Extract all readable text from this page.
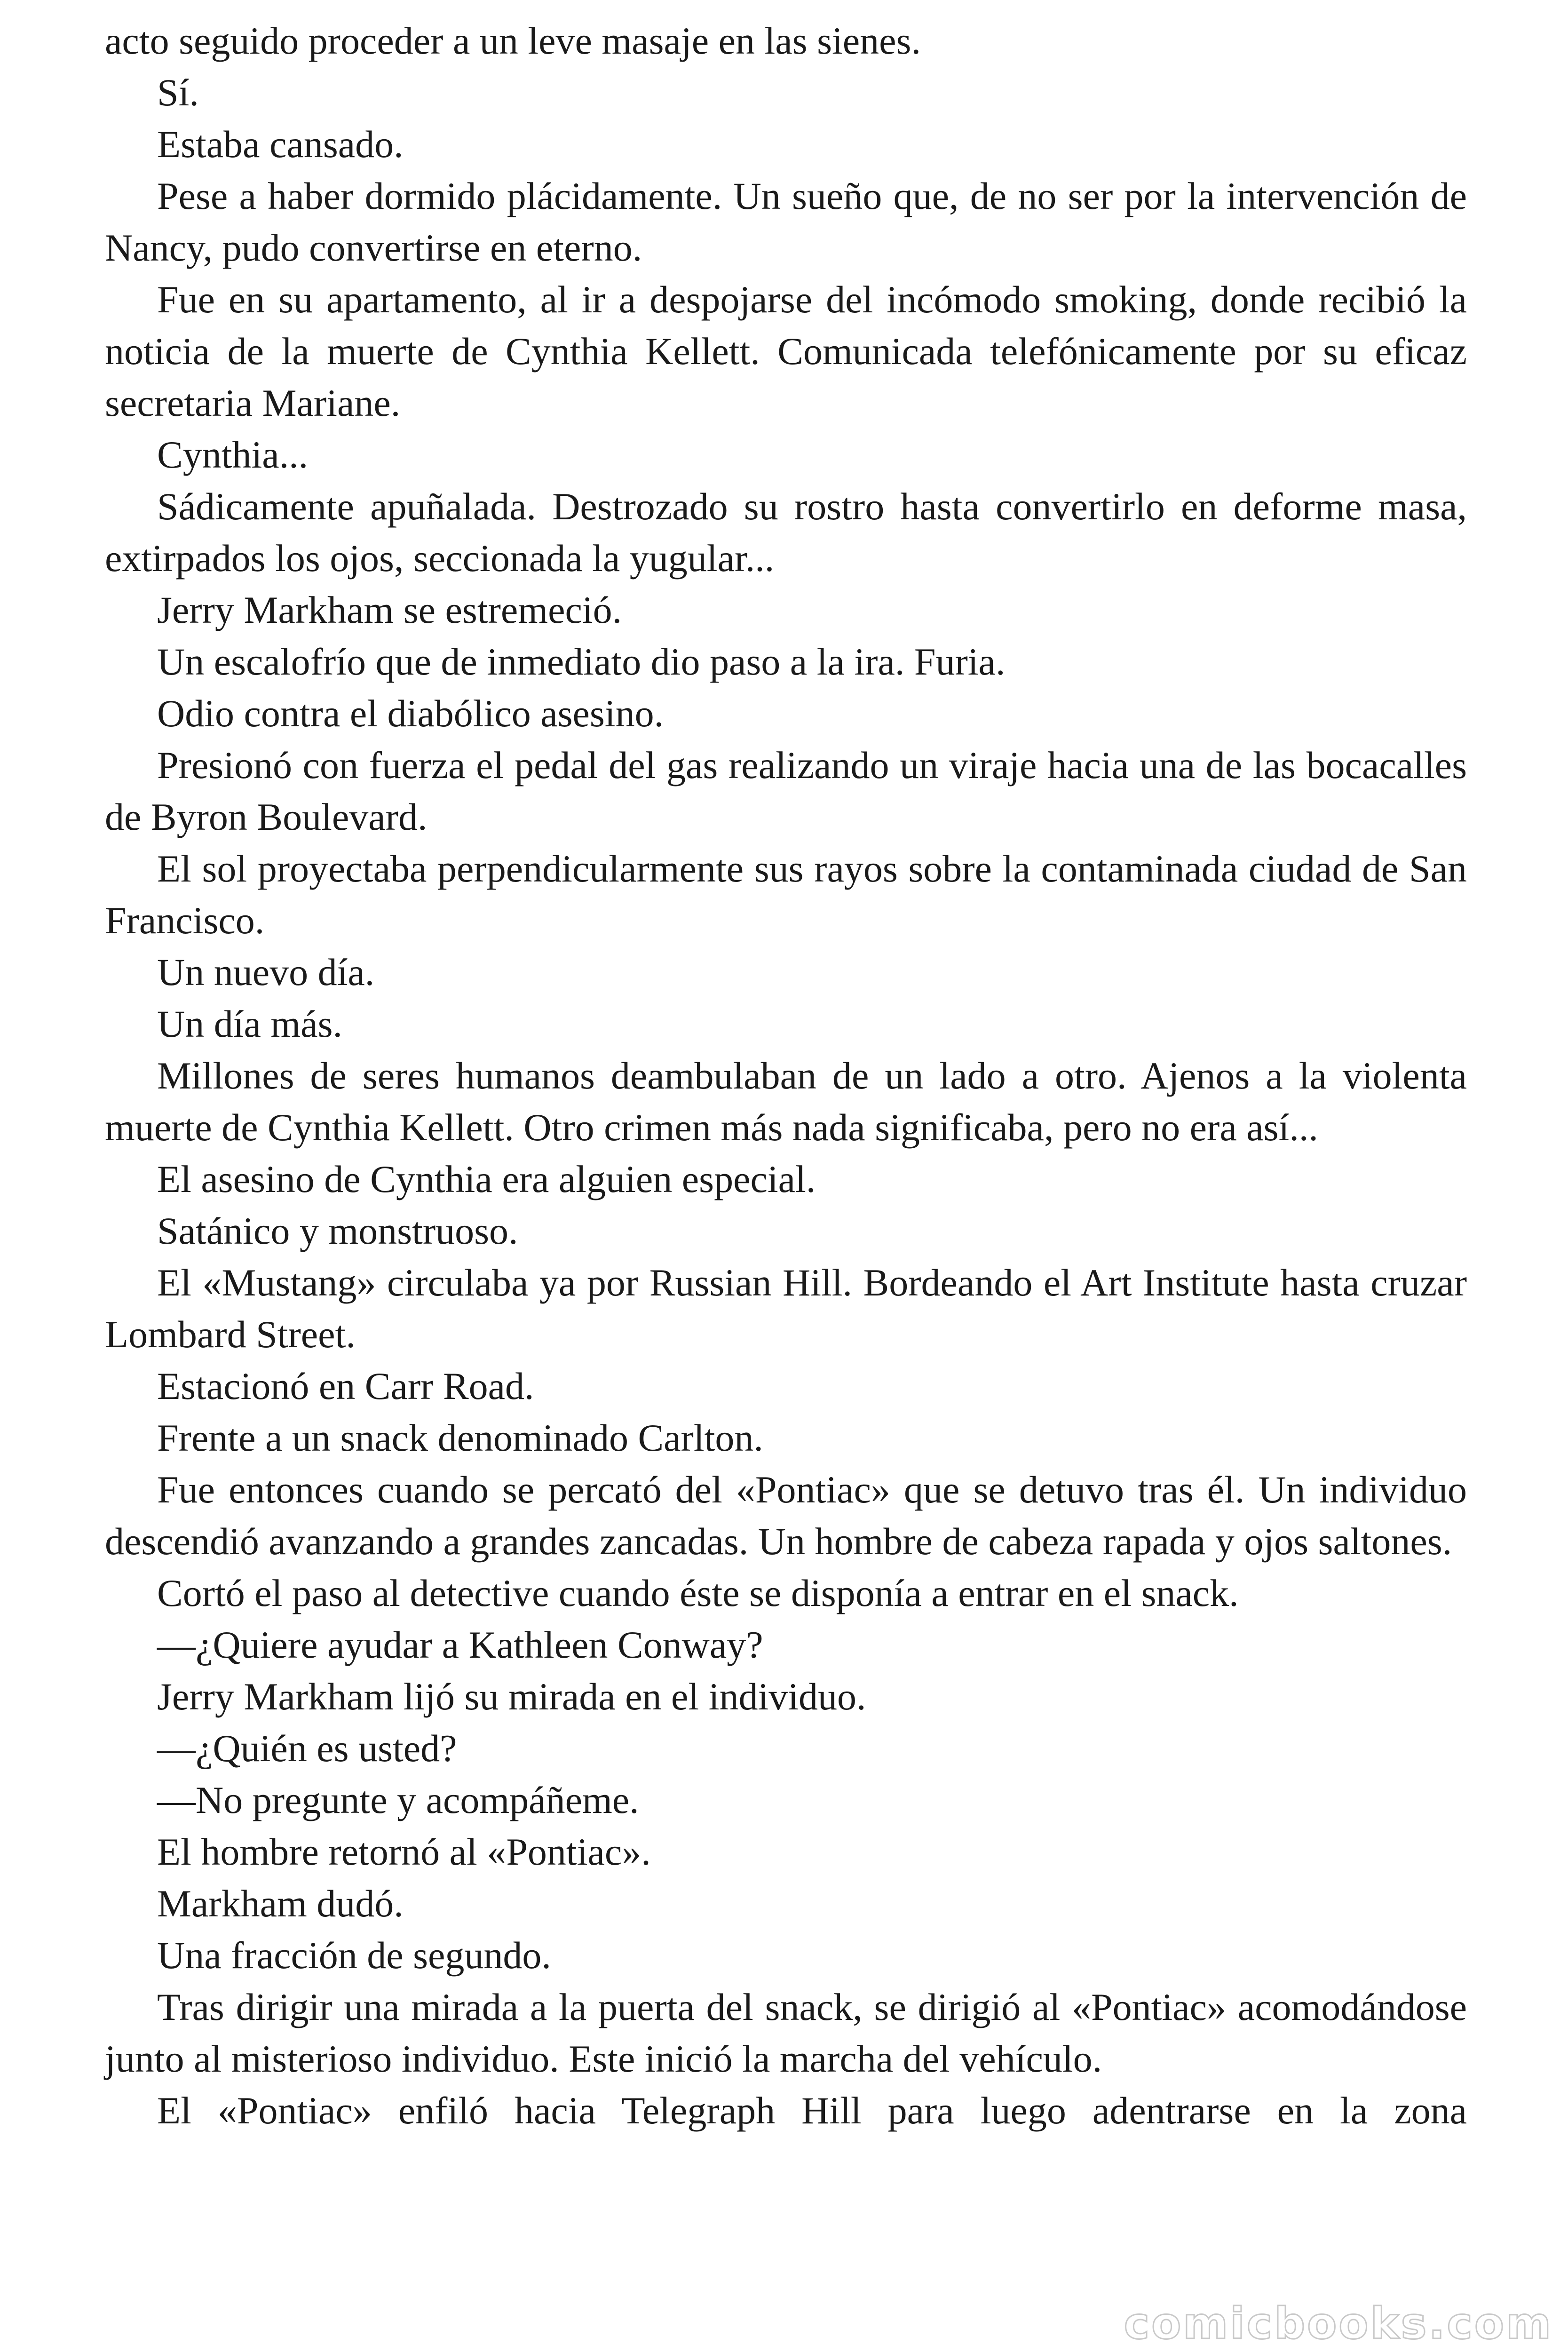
acto seguido proceder a un leve masaje en las sienes.

Sí.

Estaba cansado.

Pese a haber dormido plácidamente. Un sueño que, de no ser por la intervención de Nancy, pudo convertirse en eterno.

Fue en su apartamento, al ir a despojarse del incómodo smoking, donde recibió la noticia de la muerte de Cynthia Kellett. Comunicada telefónicamente por su eficaz secretaria Mariane.

Cynthia...

Sádicamente apuñalada. Destrozado su rostro hasta convertirlo en deforme masa, extirpados los ojos, seccionada la yugular...

Jerry Markham se estremeció.

Un escalofrío que de inmediato dio paso a la ira. Furia.

Odio contra el diabólico asesino.

Presionó con fuerza el pedal del gas realizando un viraje hacia una de las bocacalles de Byron Boulevard.

El sol proyectaba perpendicularmente sus rayos sobre la contaminada ciudad de San Francisco.

Un nuevo día.

Un día más.

Millones de seres humanos deambulaban de un lado a otro. Ajenos a la violenta muerte de Cynthia Kellett. Otro crimen más nada significaba, pero no era así...

El asesino de Cynthia era alguien especial.

Satánico y monstruoso.

El «Mustang» circulaba ya por Russian Hill. Bordeando el Art Institute hasta cruzar Lombard Street.

Estacionó en Carr Road.

Frente a un snack denominado Carlton.

Fue entonces cuando se percató del «Pontiac» que se detuvo tras él. Un individuo descendió avanzando a grandes zancadas. Un hombre de cabeza rapada y ojos saltones.

Cortó el paso al detective cuando éste se disponía a entrar en el snack.

—¿Quiere ayudar a Kathleen Conway?

Jerry Markham lijó su mirada en el individuo.

—¿Quién es usted?

—No pregunte y acompáñeme.

El hombre retornó al «Pontiac».

Markham dudó.

Una fracción de segundo.

Tras dirigir una mirada a la puerta del snack, se dirigió al «Pontiac» acomodándose junto al misterioso individuo. Este inició la marcha del vehículo.

El «Pontiac» enfiló hacia Telegraph Hill para luego adentrarse en la zona

comicbooks.com
